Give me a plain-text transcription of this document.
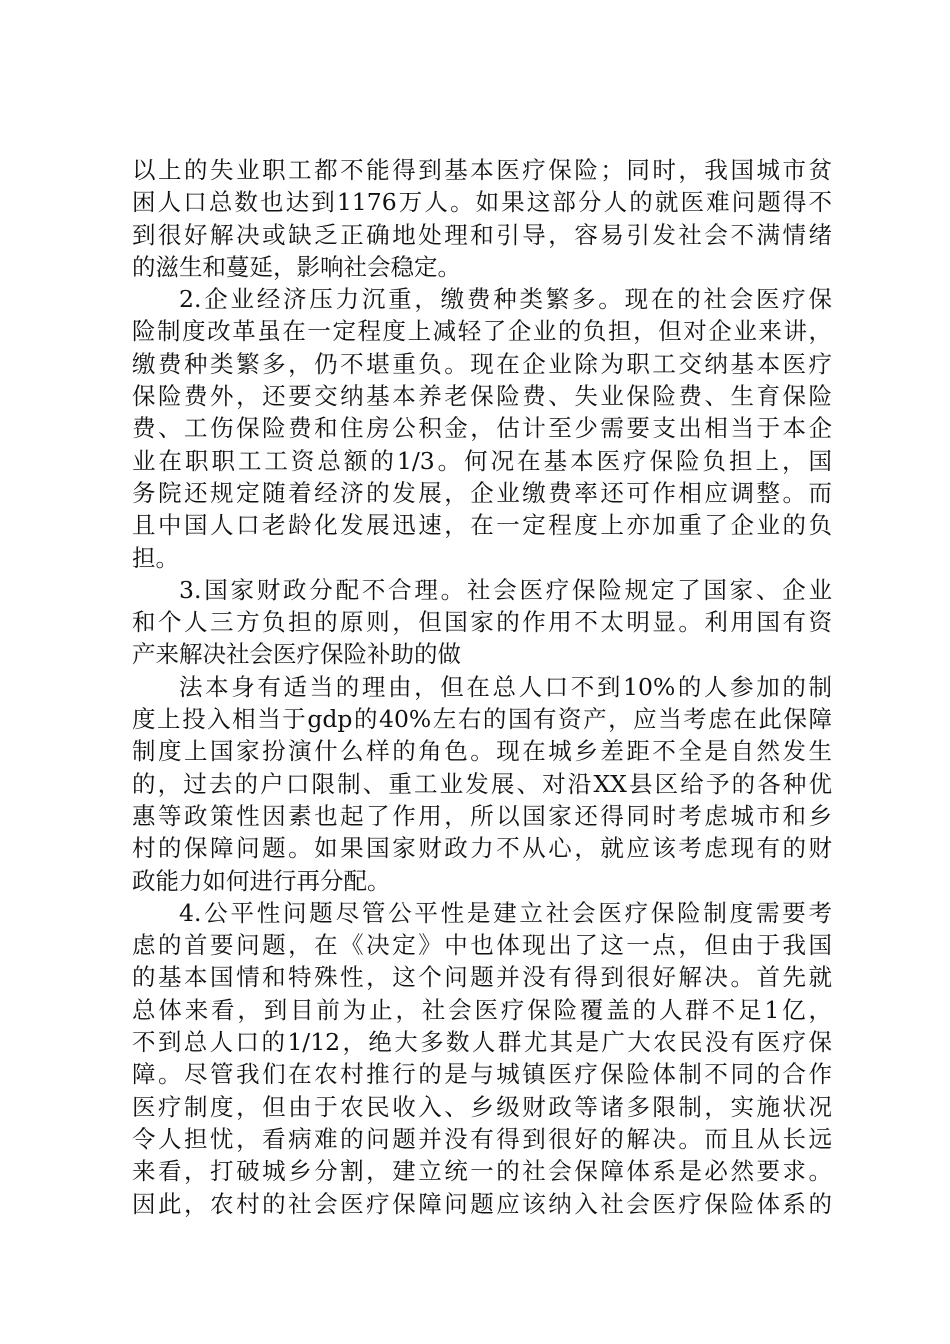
以上的失业职工都不能得到基本医疗保险；同时，我国城市贫
困人口总数也达到1176万人。如果这部分人的就医难问题得不
到很好解决或缺乏正确地处理和引导，容易引发社会不满情绪
的滋生和蔓延，影响社会稳定。
2.企业经济压力沉重，缴费种类繁多。现在的社会医疗保
险制度改革虽在一定程度上减轻了企业的负担，但对企业来讲，
缴费种类繁多，仍不堪重负。现在企业除为职工交纳基本医疗
保险费外，还要交纳基本养老保险费、失业保险费、生育保险
费、工伤保险费和住房公积金，估计至少需要支出相当于本企
业在职职工工资总额的1/3。何况在基本医疗保险负担上，国
务院还规定随着经济的发展，企业缴费率还可作相应调整。而
且中国人口老龄化发展迅速，在一定程度上亦加重了企业的负
担。
3.国家财政分配不合理。社会医疗保险规定了国家、企业
和个人三方负担的原则，但国家的作用不太明显。利用国有资
产来解决社会医疗保险补助的做
法本身有适当的理由，但在总人口不到10%的人参加的制
度上投入相当于gdp的40%左右的国有资产，应当考虑在此保障
制度上国家扮演什么样的角色。现在城乡差距不全是自然发生
的，过去的户口限制、重工业发展、对沿XX县区给予的各种优
惠等政策性因素也起了作用，所以国家还得同时考虑城市和乡
村的保障问题。如果国家财政力不从心，就应该考虑现有的财
政能力如何进行再分配。
4.公平性问题尽管公平性是建立社会医疗保险制度需要考
虑的首要问题，在《决定》中也体现出了这一点，但由于我国
的基本国情和特殊性，这个问题并没有得到很好解决。首先就
总体来看，到目前为止，社会医疗保险覆盖的人群不足1亿，
不到总人口的1/12，绝大多数人群尤其是广大农民没有医疗保
障。尽管我们在农村推行的是与城镇医疗保险体制不同的合作
医疗制度，但由于农民收入、乡级财政等诸多限制，实施状况
令人担忧，看病难的问题并没有得到很好的解决。而且从长远
来看，打破城乡分割，建立统一的社会保障体系是必然要求。
因此，农村的社会医疗保障问题应该纳入社会医疗保险体系的
